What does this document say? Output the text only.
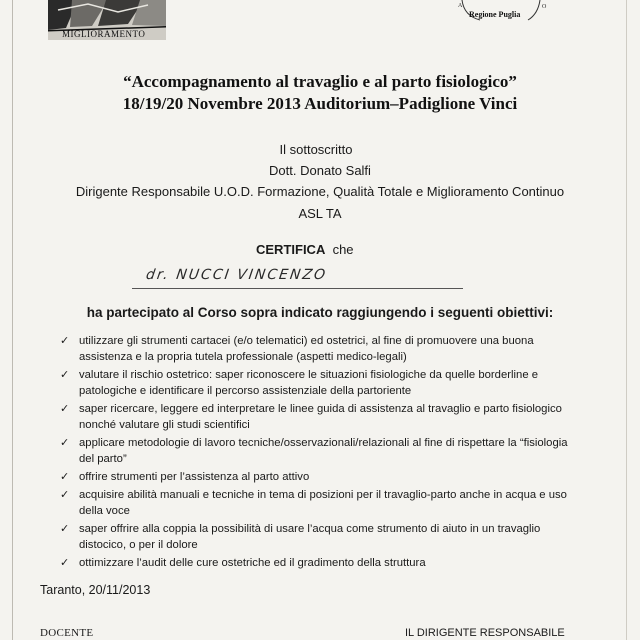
MIGLIORAMENTO
A	O
Regione Puglia
“Accompagnamento al travaglio e al parto fisiologico”
18/19/20 Novembre 2013 Auditorium–Padiglione Vinci
Il sottoscritto
Dott. Donato Salfi
Dirigente Responsabile U.O.D. Formazione, Qualità Totale e Miglioramento Continuo
ASL TA
CERTIFICA che
dr. NUCCI VINCENZO
ha partecipato al Corso sopra indicato raggiungendo i seguenti obiettivi:
✓ utilizzare gli strumenti cartacei (e/o telematici) ed ostetrici, al fine di promuovere una buona assistenza e la propria tutela professionale (aspetti medico-legali)
✓ valutare il rischio ostetrico: saper riconoscere le situazioni fisiologiche da quelle borderline e patologiche e identificare il percorso assistenziale della partoriente
✓ saper ricercare, leggere ed interpretare le linee guida di assistenza al travaglio e parto fisiologico nonché valutare gli studi scientifici
✓ applicare metodologie di lavoro tecniche/osservazionali/relazionali al fine di rispettare la “fisiologia del parto”
✓ offrire strumenti per l’assistenza al parto attivo
✓ acquisire abilità manuali e tecniche in tema di posizioni per il travaglio-parto anche in acqua e uso della voce
✓ saper offrire alla coppia la possibilità di usare l’acqua come strumento di aiuto in un travaglio distocico, o per il dolore
✓ ottimizzare l’audit delle cure ostetriche ed il gradimento della struttura
Taranto, 20/11/2013
DOCENTE	IL DIRIGENTE RESPONSABILE
